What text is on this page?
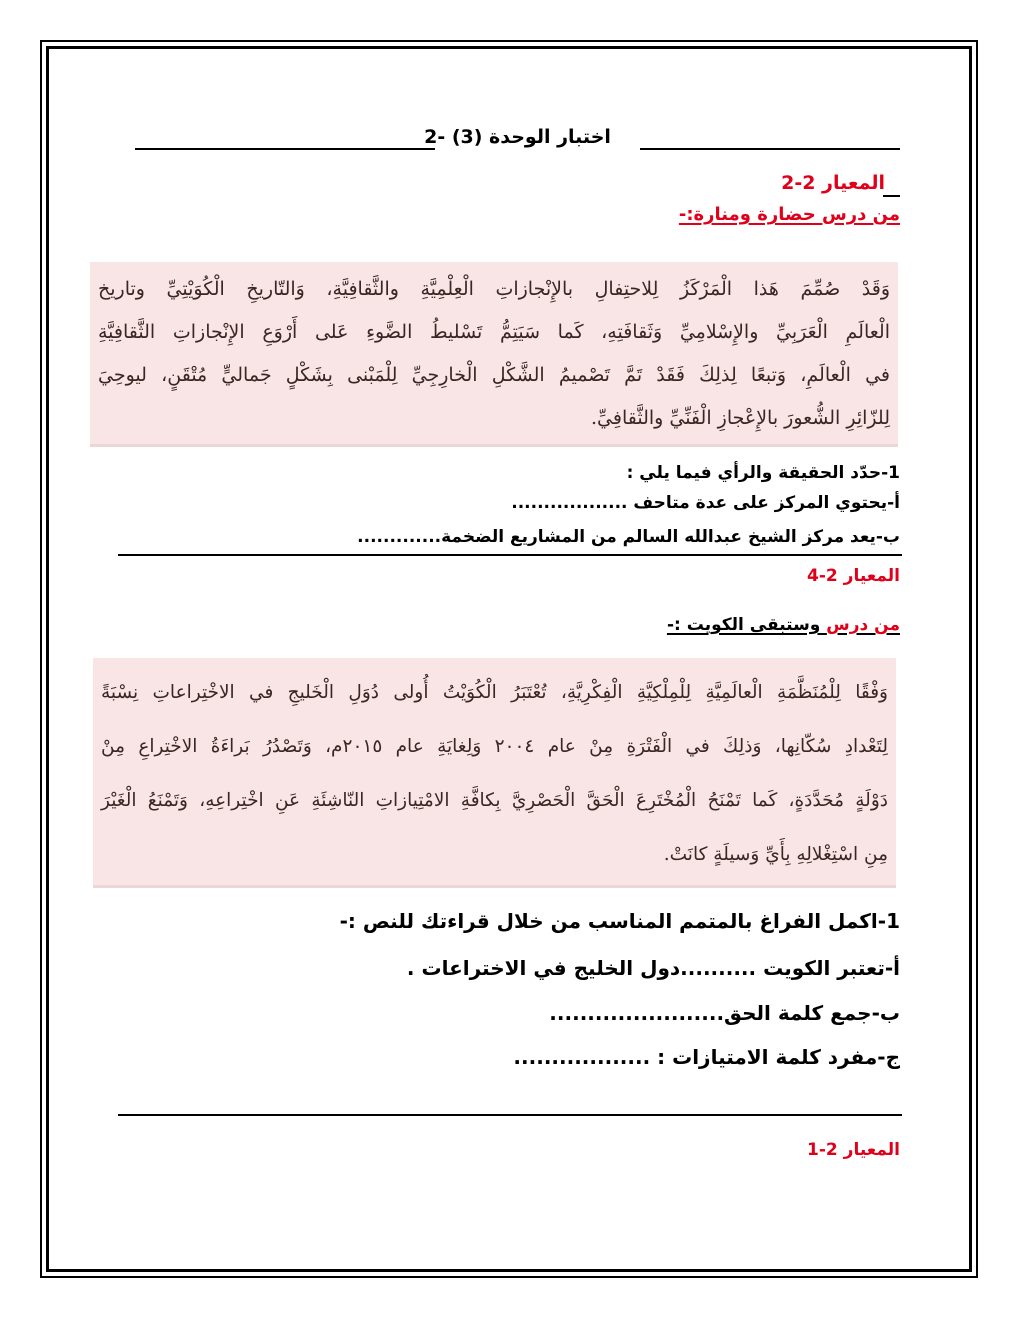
اختبار الوحدة (3) -2
المعيار 2-2
من درس حضارة ومنارة:-
وَقَدْ صُمِّمَ هَذا الْمَرْكَزُ لِلاحتِفالِ بالإِنْجازاتِ الْعِلْمِيَّةِ والثَّقافِيَّةِ، وَالتّاريخِ الْكُوَيْتِيِّ وتاريخ
الْعالَمِ الْعَرَبِيِّ والإِسْلامِيِّ وَثَقافَتِهِ، كَما سَيَتِمُّ تَسْليطُ الضَّوءِ عَلى أَرْوَعِ الإِنْجازاتِ الثَّقافِيَّةِ
في الْعالَمِ، وَتبعًا لِذلِكَ فَقَدْ تَمَّ تَصْميمُ الشَّكْلِ الْخارِجِيِّ لِلْمَبْنى بِشَكْلٍ جَماليٍّ مُتْقَنٍ، ليوحِيَ
لِلزّائِرِ الشُّعورَ بالإِعْجازِ الْفَنِّيِّ والثَّقافِيِّ.
1-حدّد الحقيقة والرأي فيما يلي :
أ-يحتوي المركز على عدة متاحف ..................
ب-يعد مركز الشيخ عبدالله السالم من المشاريع الضخمة.............
المعيار 2-4
من درس وستبقى الكويت :-
وَفْقًا لِلْمُنَظَّمَةِ الْعالَمِيَّةِ لِلْمِلْكِيَّةِ الْفِكْرِيَّةِ، تُعْتَبَرُ الْكُوَيْتُ أُولى دُوَلِ الْخَليجِ في الاخْتِراعاتِ نِسْبَةً
لِتَعْدادِ سُكّانِها، وَذلِكَ في الْفَتْرَةِ مِنْ عام ٢٠٠٤ وَلِغايَةِ عام ٢٠١٥م، وَتَصْدُرُ بَراءَةُ الاخْتِراعِ مِنْ
دَوْلَةٍ مُحَدَّدَةٍ، كَما تَمْنَحُ الْمُخْتَرِعَ الْحَقَّ الْحَصْرِيَّ بِكافَّةِ الامْتِيازاتِ النّاشِئَةِ عَنِ اخْتِراعِهِ، وَتَمْنَعُ الْغَيْرَ
مِنِ اسْتِغْلالِهِ بِأَيِّ وَسيلَةٍ كانَتْ.
1-اكمل الفراغ بالمتمم المناسب من خلال قراءتك للنص :-
أ-تعتبر الكويت ..........دول الخليج في الاختراعات .
ب-جمع كلمة الحق.......................
ج-مفرد كلمة الامتيازات : ..................
المعيار 2-1
